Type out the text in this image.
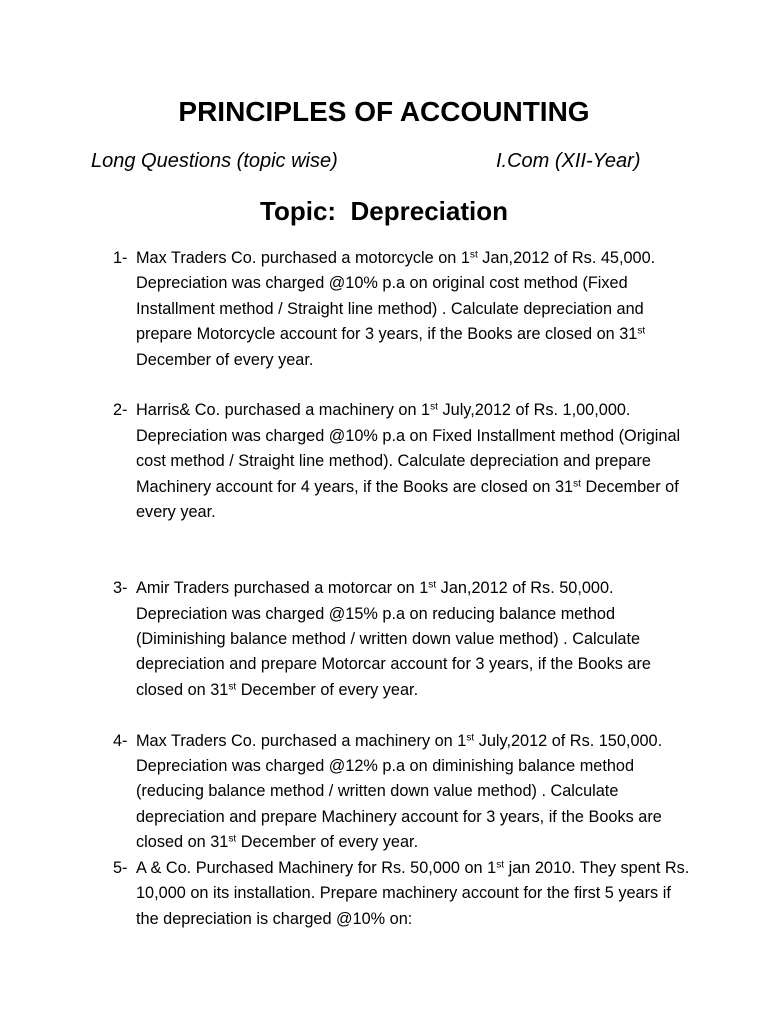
PRINCIPLES OF ACCOUNTING
Long Questions (topic wise)	I.Com (XII-Year)
Topic:  Depreciation
1- Max Traders Co. purchased a motorcycle on 1st Jan,2012 of Rs. 45,000.
Depreciation was charged @10% p.a on original cost method (Fixed
Installment method / Straight line method) . Calculate depreciation and
prepare Motorcycle account for 3 years, if the Books are closed on 31st
December of every year.
2- Harris& Co. purchased a machinery on 1st July,2012 of Rs. 1,00,000.
Depreciation was charged @10% p.a on Fixed Installment method (Original
cost method / Straight line method). Calculate depreciation and prepare
Machinery account for 4 years, if the Books are closed on 31st December of
every year.
3- Amir Traders purchased a motorcar on 1st Jan,2012 of Rs. 50,000.
Depreciation was charged @15% p.a on reducing balance method
(Diminishing balance method / written down value method) . Calculate
depreciation and prepare Motorcar account for 3 years, if the Books are
closed on 31st December of every year.
4- Max Traders Co. purchased a machinery on 1st July,2012 of Rs. 150,000.
Depreciation was charged @12% p.a on diminishing balance method
(reducing balance method / written down value method) . Calculate
depreciation and prepare Machinery account for 3 years, if the Books are
closed on 31st December of every year.
5- A & Co. Purchased Machinery for Rs. 50,000 on 1st jan 2010. They spent Rs.
10,000 on its installation. Prepare machinery account for the first 5 years if
the depreciation is charged @10% on:
